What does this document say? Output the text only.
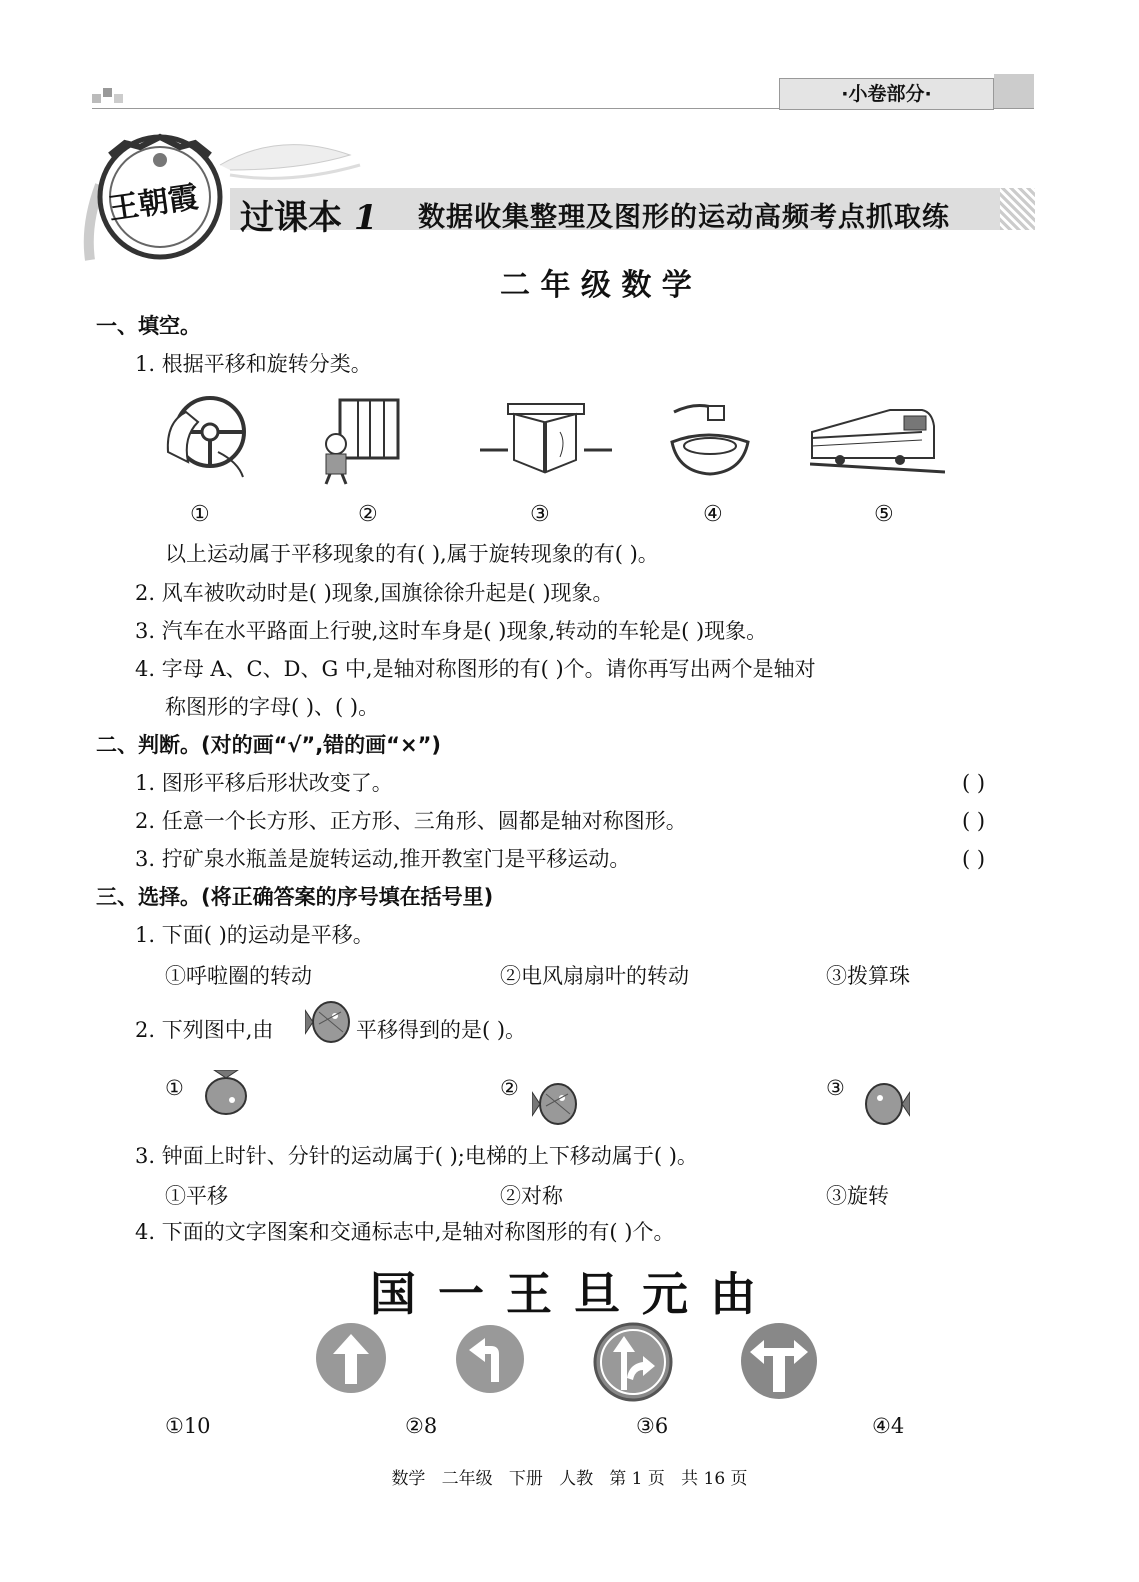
·小卷部分·
王朝霞 过课本 1 数据收集整理及图形的运动高频考点抓取练
二 年 级 数 学
一、填空。
1. 根据平移和旋转分类。
①	②	③	④	⑤
以上运动属于平移现象的有( ),属于旋转现象的有( )。
2. 风车被吹动时是( )现象,国旗徐徐升起是( )现象。
3. 汽车在水平路面上行驶,这时车身是( )现象,转动的车轮是( )现象。
4. 字母 A、C、D、G 中,是轴对称图形的有( )个。请你再写出两个是轴对
称图形的字母( )、( )。
二、判断。(对的画“√”,错的画“×”)
1. 图形平移后形状改变了。	( )
2. 任意一个长方形、正方形、三角形、圆都是轴对称图形。	( )
3. 拧矿泉水瓶盖是旋转运动,推开教室门是平移运动。	( )
三、选择。(将正确答案的序号填在括号里)
1. 下面( )的运动是平移。
①呼啦圈的转动	②电风扇扇叶的转动	③拨算珠
2. 下列图中,由	平移得到的是( )。
①	②	③
3. 钟面上时针、分针的运动属于( );电梯的上下移动属于( )。
①平移	②对称	③旋转
4. 下面的文字图案和交通标志中,是轴对称图形的有( )个。
国一王旦元由
①10	②8	③6	④4
数学   二年级   下册   人教   第 1 页   共 16 页
